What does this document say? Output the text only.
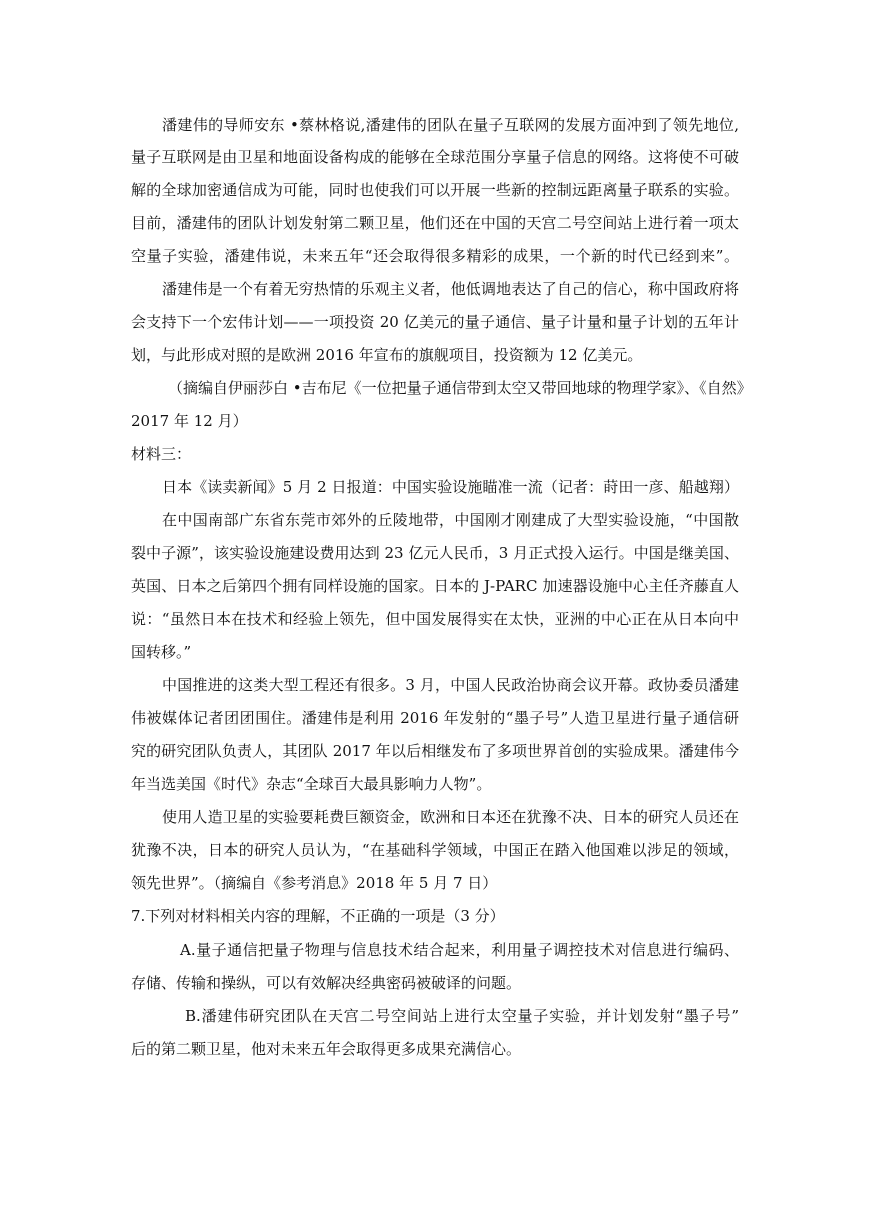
潘建伟的导师安东 •蔡林格说,潘建伟的团队在量子互联网的发展方面冲到了领先地位,
量子互联网是由卫星和地面设备构成的能够在全球范围分享量子信息的网络。这将使不可破
解的全球加密通信成为可能，同时也使我们可以开展一些新的控制远距离量子联系的实验。
目前，潘建伟的团队计划发射第二颗卫星，他们还在中国的天宫二号空间站上进行着一项太
空量子实验，潘建伟说，未来五年“还会取得很多精彩的成果，一个新的时代已经到来”。
潘建伟是一个有着无穷热情的乐观主义者，他低调地表达了自己的信心，称中国政府将
会支持下一个宏伟计划——一项投资 20 亿美元的量子通信、量子计量和量子计划的五年计
划，与此形成对照的是欧洲 2016 年宣布的旗舰项目，投资额为 12 亿美元。
（摘编自伊丽莎白 •吉布尼《一位把量子通信带到太空又带回地球的物理学家》、《自然》
2017 年 12 月）
材料三：
日本《读卖新闻》5 月 2 日报道：中国实验设施瞄准一流（记者：莳田一彦、船越翔）
在中国南部广东省东莞市郊外的丘陵地带，中国刚才刚建成了大型实验设施，“中国散
裂中子源”，该实验设施建设费用达到 23 亿元人民币，3 月正式投入运行。中国是继美国、
英国、日本之后第四个拥有同样设施的国家。日本的 J-PARC 加速器设施中心主任齐藤直人
说：“虽然日本在技术和经验上领先，但中国发展得实在太快，亚洲的中心正在从日本向中
国转移。”
中国推进的这类大型工程还有很多。3 月，中国人民政治协商会议开幕。政协委员潘建
伟被媒体记者团团围住。潘建伟是利用 2016 年发射的“墨子号”人造卫星进行量子通信研
究的研究团队负责人，其团队 2017 年以后相继发布了多项世界首创的实验成果。潘建伟今
年当选美国《时代》杂志“全球百大最具影响力人物”。
使用人造卫星的实验要耗费巨额资金，欧洲和日本还在犹豫不决、日本的研究人员还在
犹豫不决，日本的研究人员认为，“在基础科学领域，中国正在踏入他国难以涉足的领域，
领先世界”。（摘编自《参考消息》2018 年 5 月 7 日）
7.下列对材料相关内容的理解，不正确的一项是（3 分）
A.量子通信把量子物理与信息技术结合起来，利用量子调控技术对信息进行编码、
存储、传输和操纵，可以有效解决经典密码被破译的问题。
B.潘建伟研究团队在天宫二号空间站上进行太空量子实验，并计划发射“墨子号”
后的第二颗卫星，他对未来五年会取得更多成果充满信心。
